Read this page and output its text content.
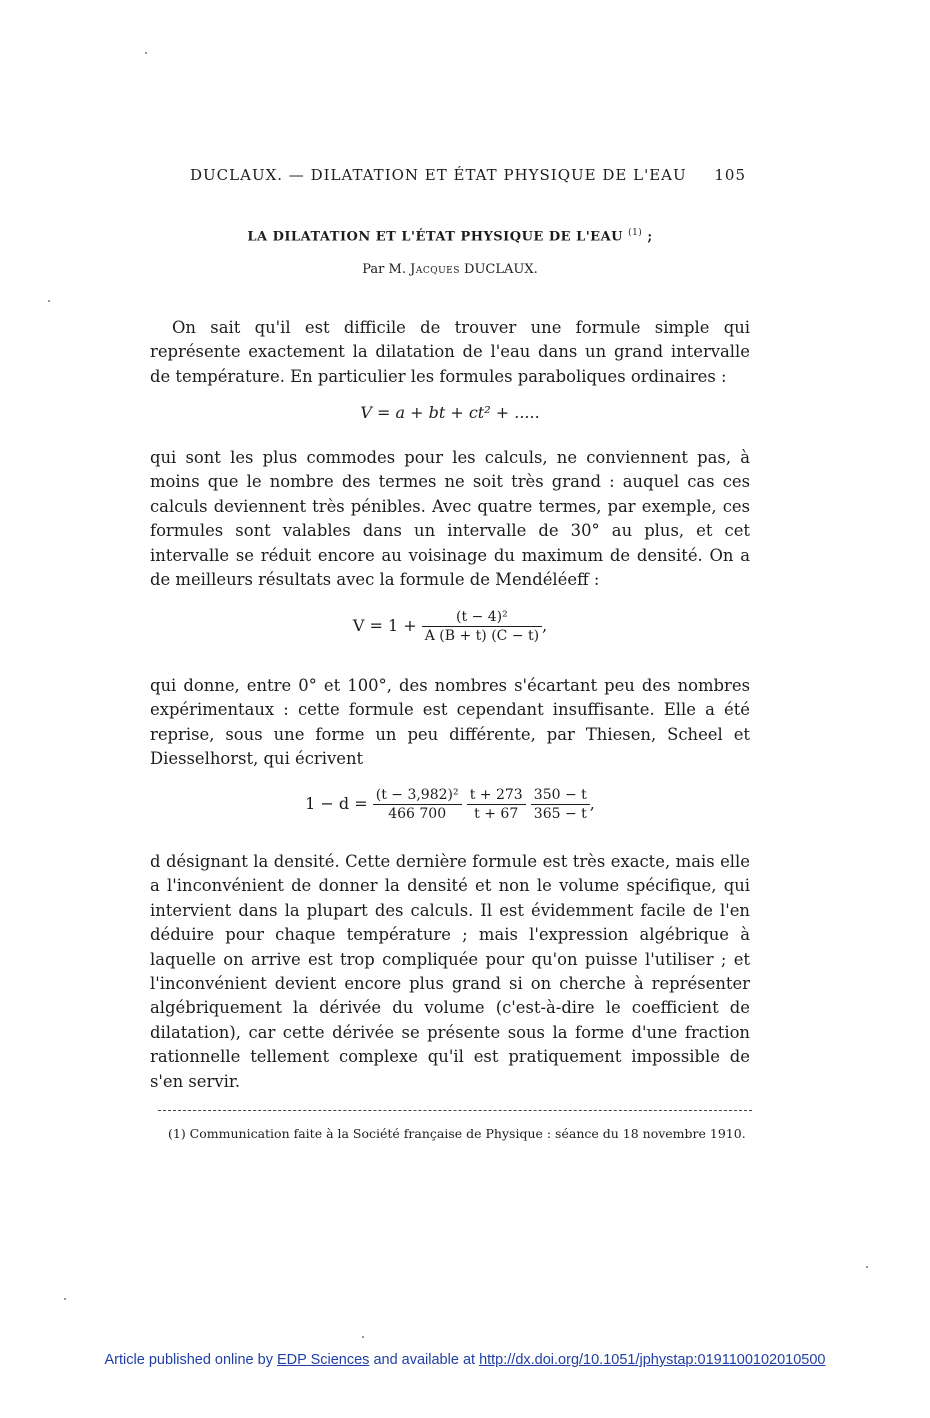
DUCLAUX. — DILATATION ET ÉTAT PHYSIQUE DE L'EAU 105
LA DILATATION ET L'ÉTAT PHYSIQUE DE L'EAU $^{(1)}$ ;
Par M. Jacques DUCLAUX.
On sait qu'il est difficile de trouver une formule simple qui représente exactement la dilatation de l'eau dans un grand intervalle de température. En particulier les formules paraboliques ordinaires :
V = a + bt + ct² + .....
qui sont les plus commodes pour les calculs, ne conviennent pas, à moins que le nombre des termes ne soit très grand : auquel cas ces calculs deviennent très pénibles. Avec quatre termes, par exemple, ces formules sont valables dans un intervalle de 30° au plus, et cet intervalle se réduit encore au voisinage du maximum de densité. On a de meilleurs résultats avec la formule de Mendéléeff :
$V = 1 + \frac{\text{(t − 4)²}}{A (B + t) (C - t)}$ ,
qui donne, entre 0° et 100°, des nombres s'écartant peu des nombres expérimentaux : cette formule est cependant insuffisante. Elle a été reprise, sous une forme un peu différente, par Thiesen, Scheel et Diesselhorst, qui écrivent
$1 - d = \frac{\text{(t − 3,982)²}}{466 700}$
$\frac{t + 273}{t + 67}$
$\frac{350 - t}{365 - t}$ ,
d désignant la densité. Cette dernière formule est très exacte, mais elle a l'inconvénient de donner la densité et non le volume spécifique, qui intervient dans la plupart des calculs. Il est évidemment facile de l'en déduire pour chaque température ; mais l'expression algébrique à laquelle on arrive est trop compliquée pour qu'on puisse l'utiliser ; et l'inconvénient devient encore plus grand si on cherche à représenter algébriquement la dérivée du volume (c'est-à-dire le coefficient de dilatation), car cette dérivée se présente sous la forme d'une fraction rationnelle tellement complexe qu'il est pratiquement impossible de s'en servir.
(1) Communication faite à la Société française de Physique : séance du 18 novembre 1910.
Article published online by EDP Sciences and available at http://dx.doi.org/10.1051/jphystap:0191100102010500
